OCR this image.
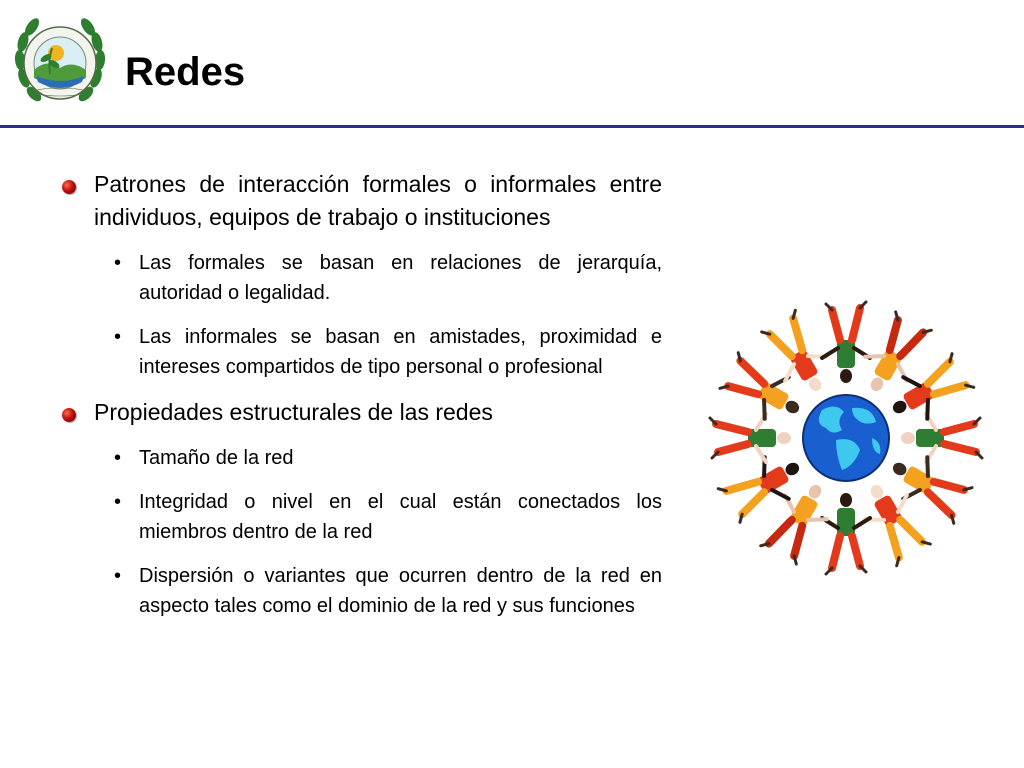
Redes
Patrones de interacción formales o informales entre individuos, equipos de trabajo o instituciones
• Las formales se basan en relaciones de jerarquía, autoridad o legalidad.
• Las informales se basan en amistades, proximidad e intereses compartidos de tipo personal o profesional
Propiedades estructurales de las redes
• Tamaño de la red
• Integridad o nivel en el cual están conectados los miembros dentro de la red
• Dispersión o variantes que ocurren dentro de la red en aspecto tales como el dominio de la red y sus funciones
